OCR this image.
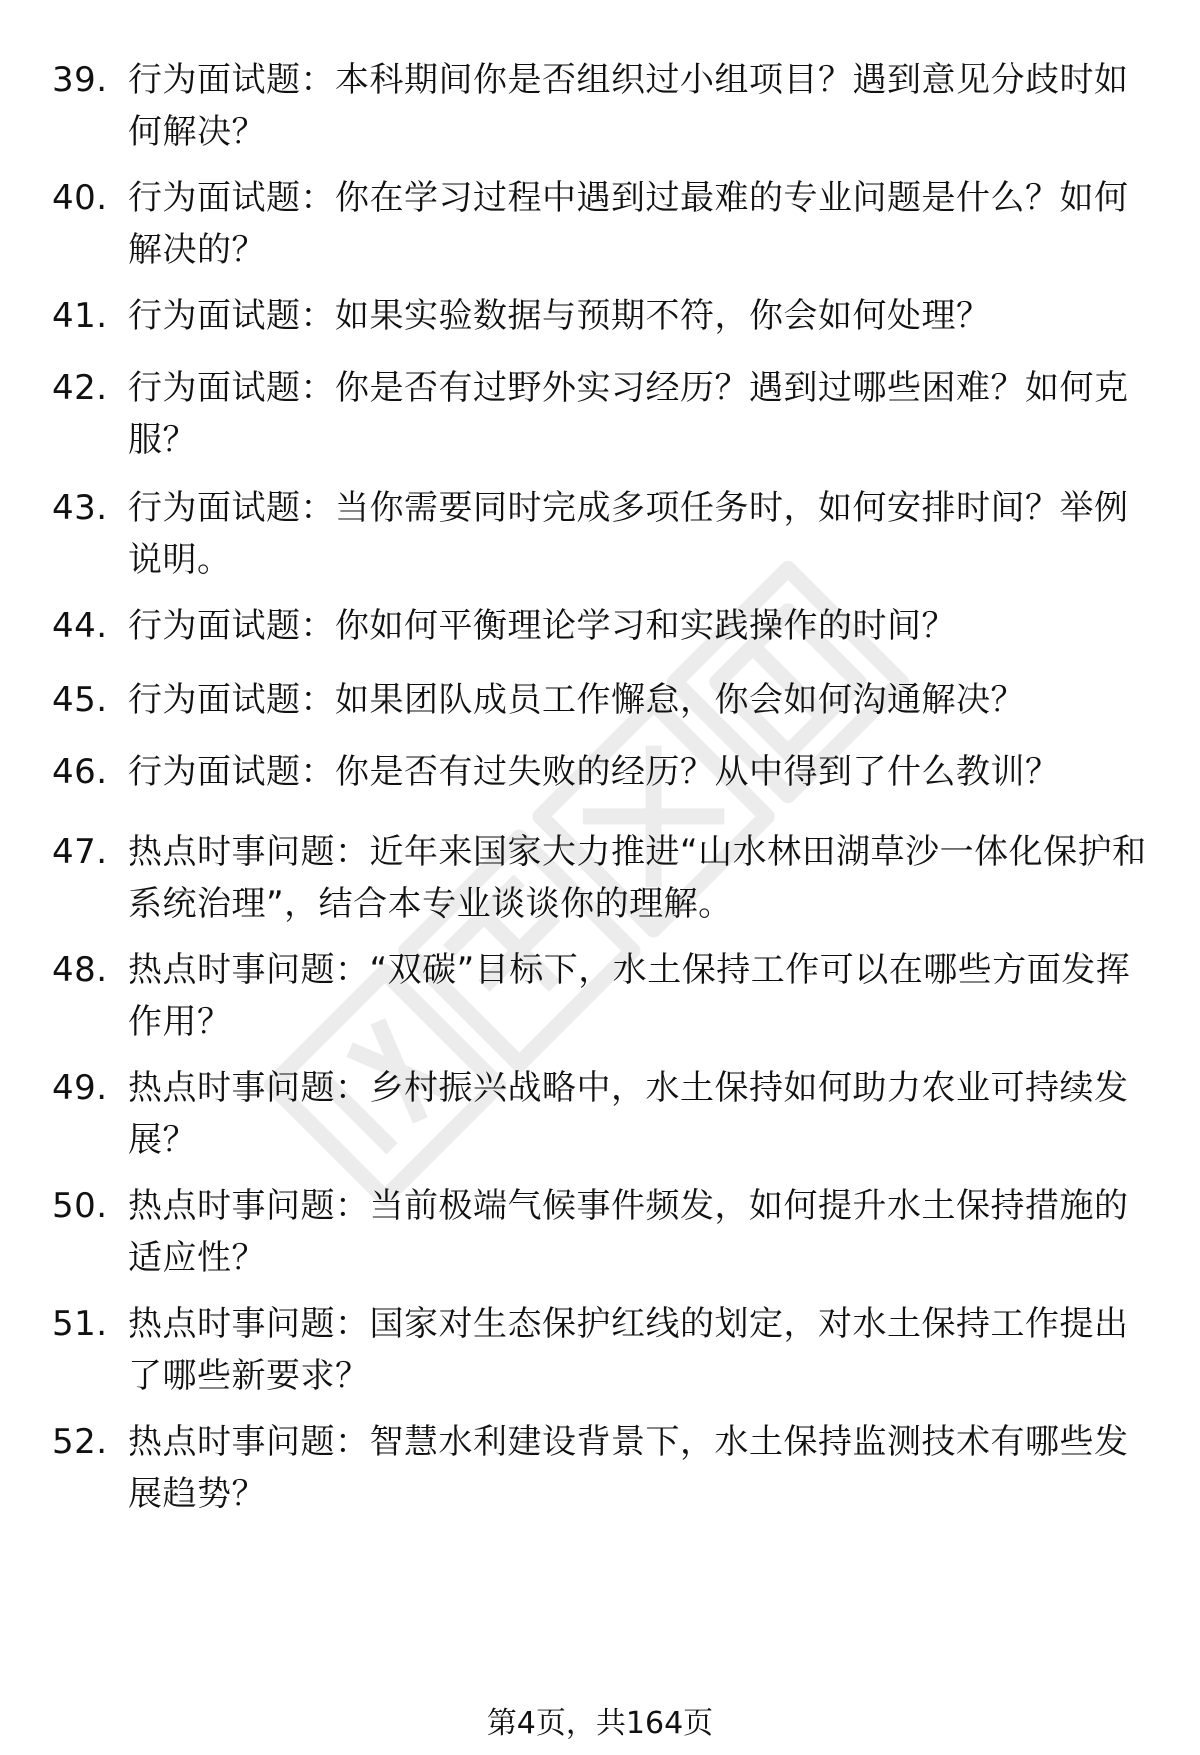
39. 行为面试题：本科期间你是否组织过小组项目？遇到意见分歧时如何解决？
40. 行为面试题：你在学习过程中遇到过最难的专业问题是什么？如何解决的？
41. 行为面试题：如果实验数据与预期不符，你会如何处理？
42. 行为面试题：你是否有过野外实习经历？遇到过哪些困难？如何克服？
43. 行为面试题：当你需要同时完成多项任务时，如何安排时间？举例说明。
44. 行为面试题：你如何平衡理论学习和实践操作的时间？
45. 行为面试题：如果团队成员工作懈怠，你会如何沟通解决？
46. 行为面试题：你是否有过失败的经历？从中得到了什么教训？
47. 热点时事问题：近年来国家大力推进“山水林田湖草沙一体化保护和系统治理”，结合本专业谈谈你的理解。
48. 热点时事问题：“双碳”目标下，水土保持工作可以在哪些方面发挥作用？
49. 热点时事问题：乡村振兴战略中，水土保持如何助力农业可持续发展？
50. 热点时事问题：当前极端气候事件频发，如何提升水土保持措施的适应性？
51. 热点时事问题：国家对生态保护红线的划定，对水土保持工作提出了哪些新要求？
52. 热点时事问题：智慧水利建设背景下，水土保持监测技术有哪些发展趋势？
第4页，共164页
